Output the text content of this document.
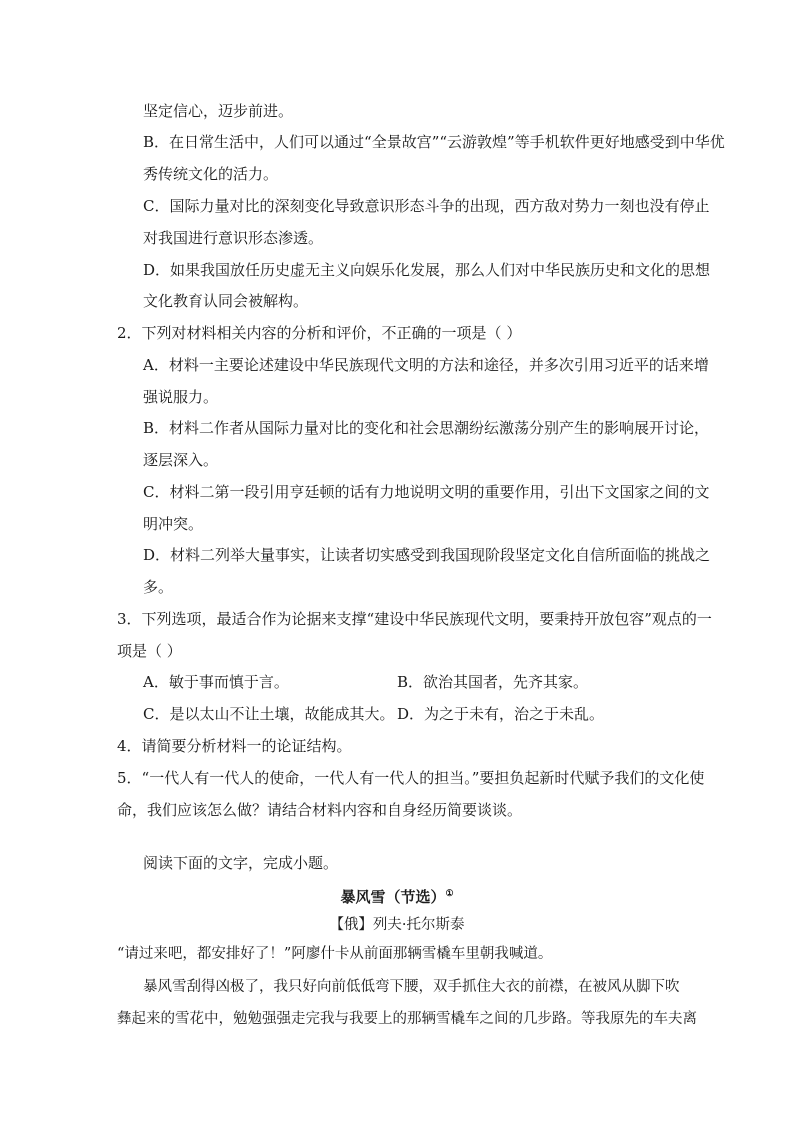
坚定信心，迈步前进。
B．在日常生活中，人们可以通过“全景故宫”“云游敦煌”等手机软件更好地感受到中华优
秀传统文化的活力。
C．国际力量对比的深刻变化导致意识形态斗争的出现，西方敌对势力一刻也没有停止
对我国进行意识形态渗透。
D．如果我国放任历史虚无主义向娱乐化发展，那么人们对中华民族历史和文化的思想
文化教育认同会被解构。
2．下列对材料相关内容的分析和评价，不正确的一项是（ ）
A．材料一主要论述建设中华民族现代文明的方法和途径，并多次引用习近平的话来增
强说服力。
B．材料二作者从国际力量对比的变化和社会思潮纷纭激荡分别产生的影响展开讨论，
逐层深入。
C．材料二第一段引用亨廷顿的话有力地说明文明的重要作用，引出下文国家之间的文
明冲突。
D．材料二列举大量事实，让读者切实感受到我国现阶段坚定文化自信所面临的挑战之
多。
3．下列选项，最适合作为论据来支撑“建设中华民族现代文明，要秉持开放包容”观点的一
项是（ ）
A．敏于事而慎于言。	B．欲治其国者，先齐其家。
C．是以太山不让土壤，故能成其大。 D．为之于未有，治之于未乱。
4．请简要分析材料一的论证结构。
5．“一代人有一代人的使命，一代人有一代人的担当。”要担负起新时代赋予我们的文化使
命，我们应该怎么做？请结合材料内容和自身经历简要谈谈。
阅读下面的文字，完成小题。
暴风雪（节选）①
【俄】列夫·托尔斯泰
“请过来吧，都安排好了！”阿廖什卡从前面那辆雪橇车里朝我喊道。
暴风雪刮得凶极了，我只好向前低低弯下腰，双手抓住大衣的前襟，在被风从脚下吹
彝起来的雪花中，勉勉强强走完我与我要上的那辆雪橇车之间的几步路。等我原先的车夫离
